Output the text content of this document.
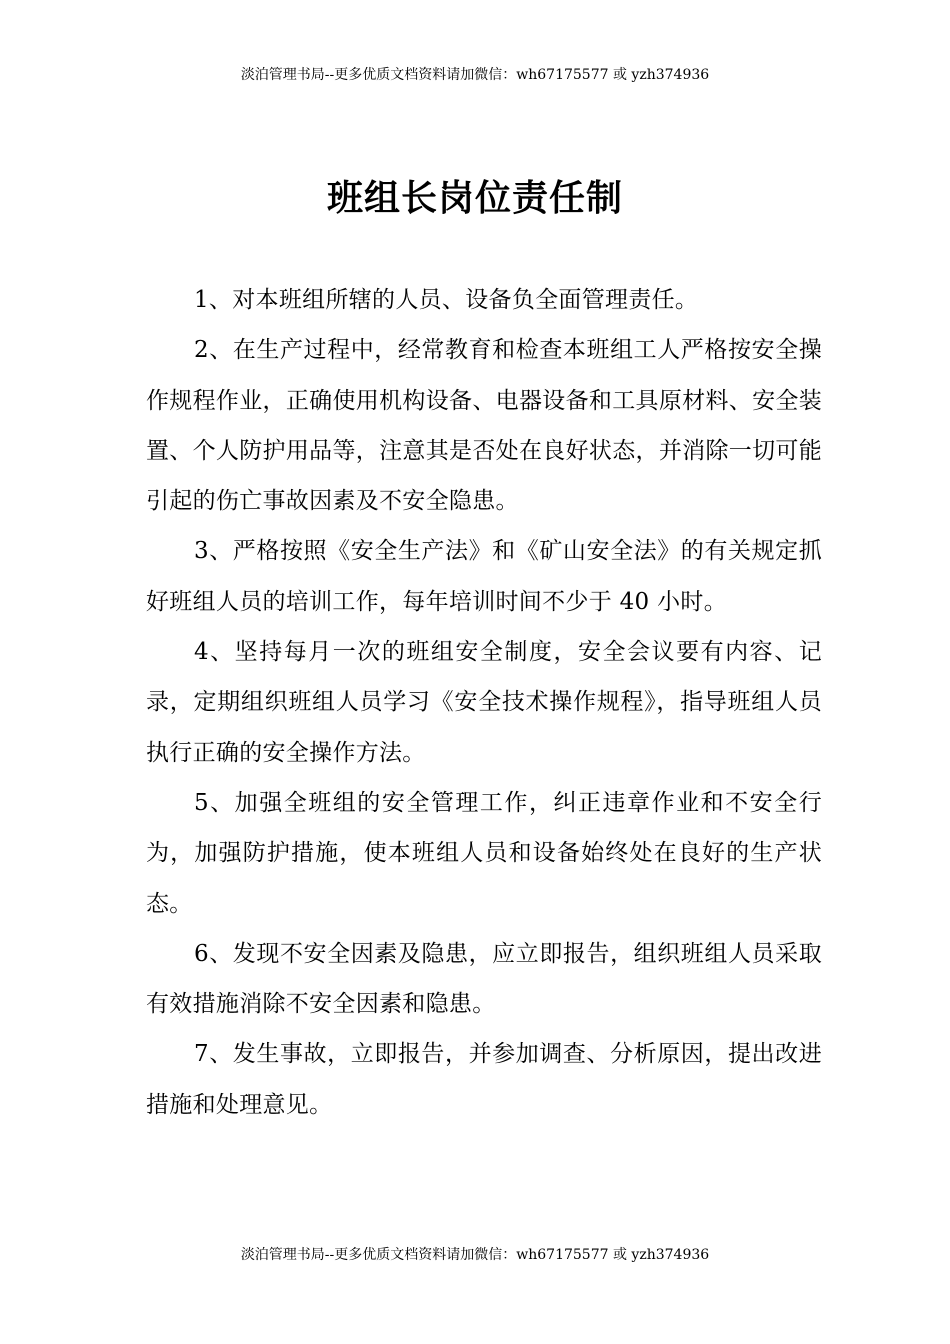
淡泊管理书局--更多优质文档资料请加微信：wh67175577 或 yzh374936
班组长岗位责任制

1、对本班组所辖的人员、设备负全面管理责任。

2、在生产过程中，经常教育和检查本班组工人严格按安全操作规程作业，正确使用机构设备、电器设备和工具原材料、安全装置、个人防护用品等，注意其是否处在良好状态，并消除一切可能引起的伤亡事故因素及不安全隐患。

3、严格按照《安全生产法》和《矿山安全法》的有关规定抓好班组人员的培训工作，每年培训时间不少于 40 小时。

4、坚持每月一次的班组安全制度，安全会议要有内容、记录，定期组织班组人员学习《安全技术操作规程》，指导班组人员执行正确的安全操作方法。

5、加强全班组的安全管理工作，纠正违章作业和不安全行为，加强防护措施，使本班组人员和设备始终处在良好的生产状态。

6、发现不安全因素及隐患，应立即报告，组织班组人员采取有效措施消除不安全因素和隐患。

7、发生事故，立即报告，并参加调查、分析原因，提出改进措施和处理意见。

淡泊管理书局--更多优质文档资料请加微信：wh67175577 或 yzh374936
